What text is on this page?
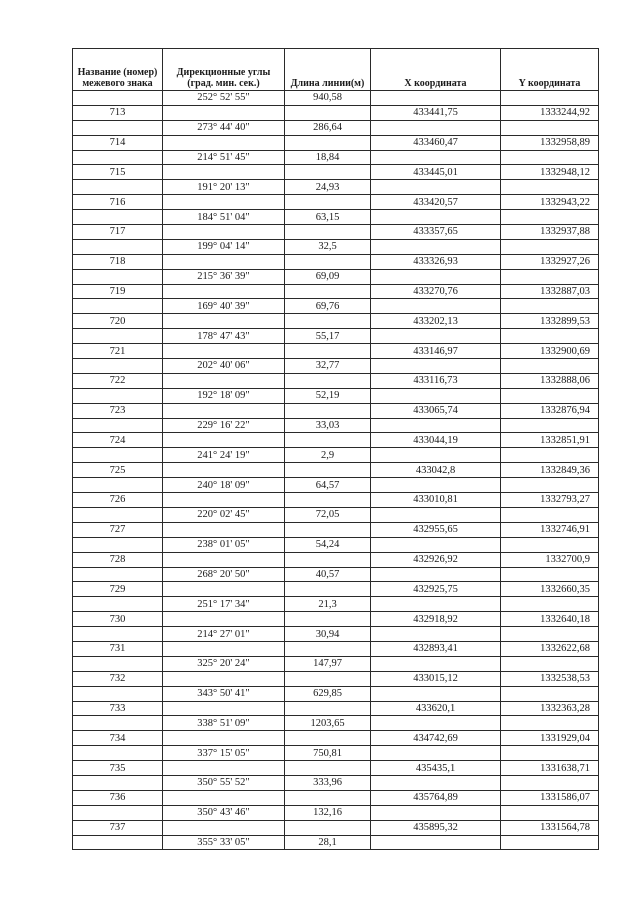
Название (номер) межевого знака	Дирекционные углы (град. мин. сек.)	Длина линии(м)	X координата	Y координата
	252° 52' 55"	940,58		
713			433441,75	1333244,92
	273° 44' 40"	286,64		
714			433460,47	1332958,89
	214° 51' 45"	18,84		
715			433445,01	1332948,12
	191° 20' 13"	24,93		
716			433420,57	1332943,22
	184° 51' 04"	63,15		
717			433357,65	1332937,88
	199° 04' 14"	32,5		
718			433326,93	1332927,26
	215° 36' 39"	69,09		
719			433270,76	1332887,03
	169° 40' 39"	69,76		
720			433202,13	1332899,53
	178° 47' 43"	55,17		
721			433146,97	1332900,69
	202° 40' 06"	32,77		
722			433116,73	1332888,06
	192° 18' 09"	52,19		
723			433065,74	1332876,94
	229° 16' 22"	33,03		
724			433044,19	1332851,91
	241° 24' 19"	2,9		
725			433042,8	1332849,36
	240° 18' 09"	64,57		
726			433010,81	1332793,27
	220° 02' 45"	72,05		
727			432955,65	1332746,91
	238° 01' 05"	54,24		
728			432926,92	1332700,9
	268° 20' 50"	40,57		
729			432925,75	1332660,35
	251° 17' 34"	21,3		
730			432918,92	1332640,18
	214° 27' 01"	30,94		
731			432893,41	1332622,68
	325° 20' 24"	147,97		
732			433015,12	1332538,53
	343° 50' 41"	629,85		
733			433620,1	1332363,28
	338° 51' 09"	1203,65		
734			434742,69	1331929,04
	337° 15' 05"	750,81		
735			435435,1	1331638,71
	350° 55' 52"	333,96		
736			435764,89	1331586,07
	350° 43' 46"	132,16		
737			435895,32	1331564,78
	355° 33' 05"	28,1		
